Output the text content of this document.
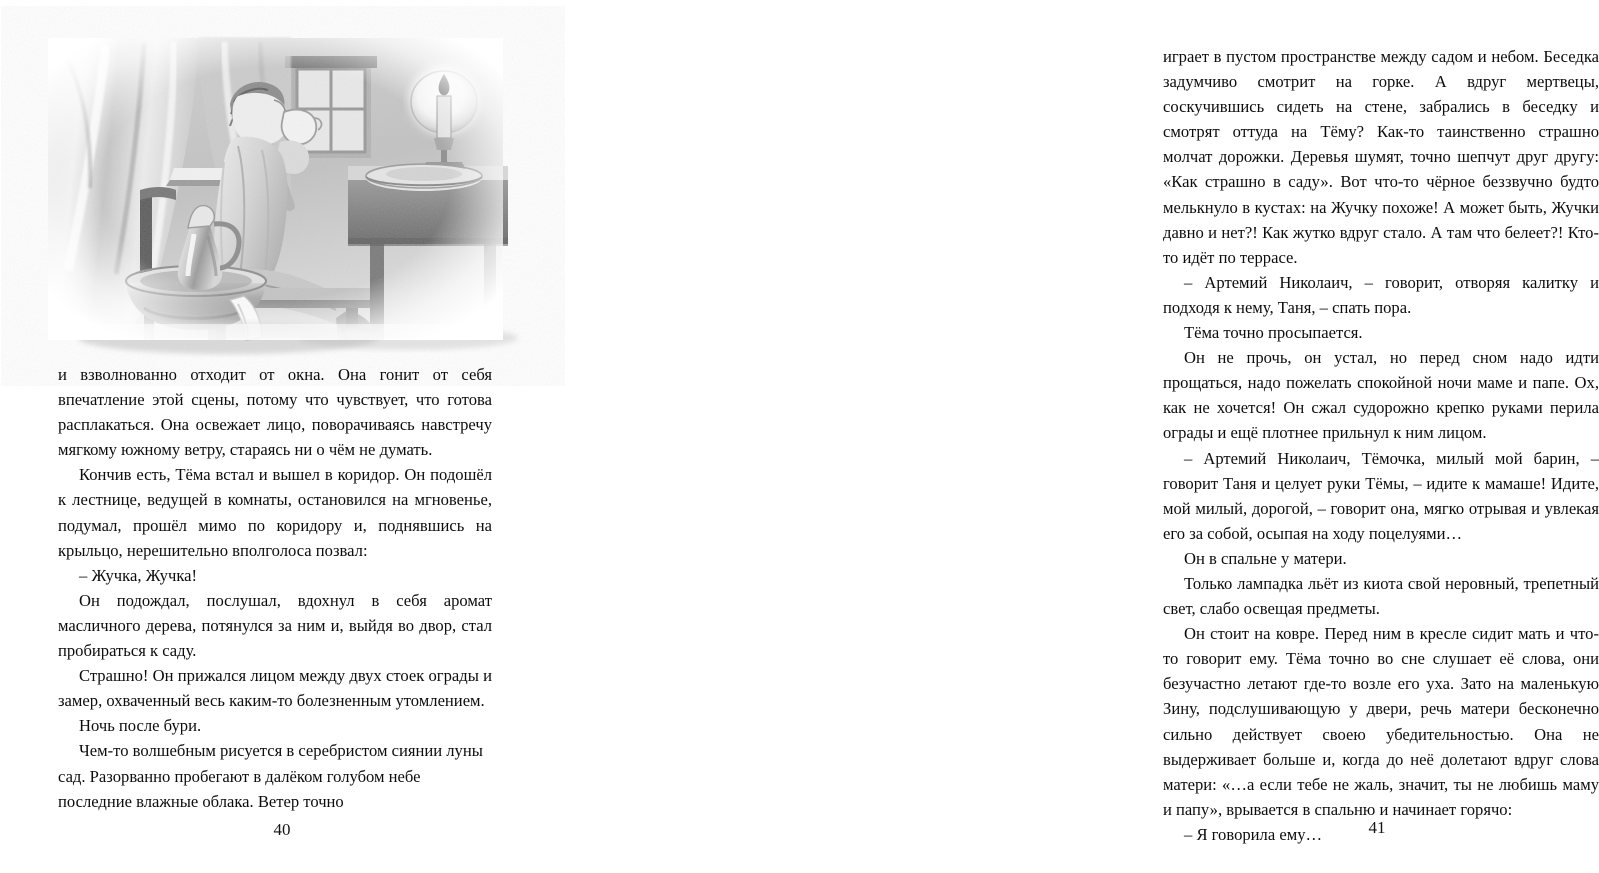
и взволнованно отходит от окна. Она гонит от себя впечатление этой сцены, потому что чувствует, что готова расплакаться. Она освежает лицо, поворачиваясь навстречу мягкому южному ветру, стараясь ни о чём не думать.

Кончив есть, Тёма встал и вышел в коридор. Он подошёл к лестнице, ведущей в комнаты, остановился на мгновенье, подумал, прошёл мимо по коридору и, поднявшись на крыльцо, нерешительно вполголоса позвал:

– Жучка, Жучка!

Он подождал, послушал, вдохнул в себя аромат масличного дерева, потянулся за ним и, выйдя во двор, стал пробираться к саду.

Страшно! Он прижался лицом между двух стоек ограды и замер, охваченный весь каким-то болезненным утомлением.

Ночь после бури.

Чем-то волшебным рисуется в серебристом сиянии луны сад. Разорванно пробегают в далёком голубом небе последние влажные облака. Ветер точно

40

играет в пустом пространстве между садом и небом. Беседка задумчиво смотрит на горке. А вдруг мертвецы, соскучившись сидеть на стене, забрались в беседку и смотрят оттуда на Тёму? Как-то таинственно страшно молчат дорожки. Деревья шумят, точно шепчут друг другу: «Как страшно в саду». Вот что-то чёрное беззвучно будто мелькнуло в кустах: на Жучку похоже! А может быть, Жучки давно и нет?! Как жутко вдруг стало. А там что белеет?! Кто-то идёт по террасе.

– Артемий Николаич, – говорит, отворяя калитку и подходя к нему, Таня, – спать пора.

Тёма точно просыпается.

Он не прочь, он устал, но перед сном надо идти прощаться, надо пожелать спокойной ночи маме и папе. Ох, как не хочется! Он сжал судорожно крепко руками перила ограды и ещё плотнее прильнул к ним лицом.

– Артемий Николаич, Тёмочка, милый мой барин, – говорит Таня и целует руки Тёмы, – идите к мамаше! Идите, мой милый, дорогой, – говорит она, мягко отрывая и увлекая его за собой, осыпая на ходу поцелуями…

Он в спальне у матери.

Только лампадка льёт из киота свой неровный, трепетный свет, слабо освещая предметы.

Он стоит на ковре. Перед ним в кресле сидит мать и что-то говорит ему. Тёма точно во сне слушает её слова, они безучастно летают где-то возле его уха. Зато на маленькую Зину, подслушивающую у двери, речь матери бесконечно сильно действует своею убедительностью. Она не выдерживает больше и, когда до неё долетают вдруг слова матери: «…а если тебе не жаль, значит, ты не любишь маму и папу», врывается в спальню и начинает горячо:

– Я говорила ему…	41
